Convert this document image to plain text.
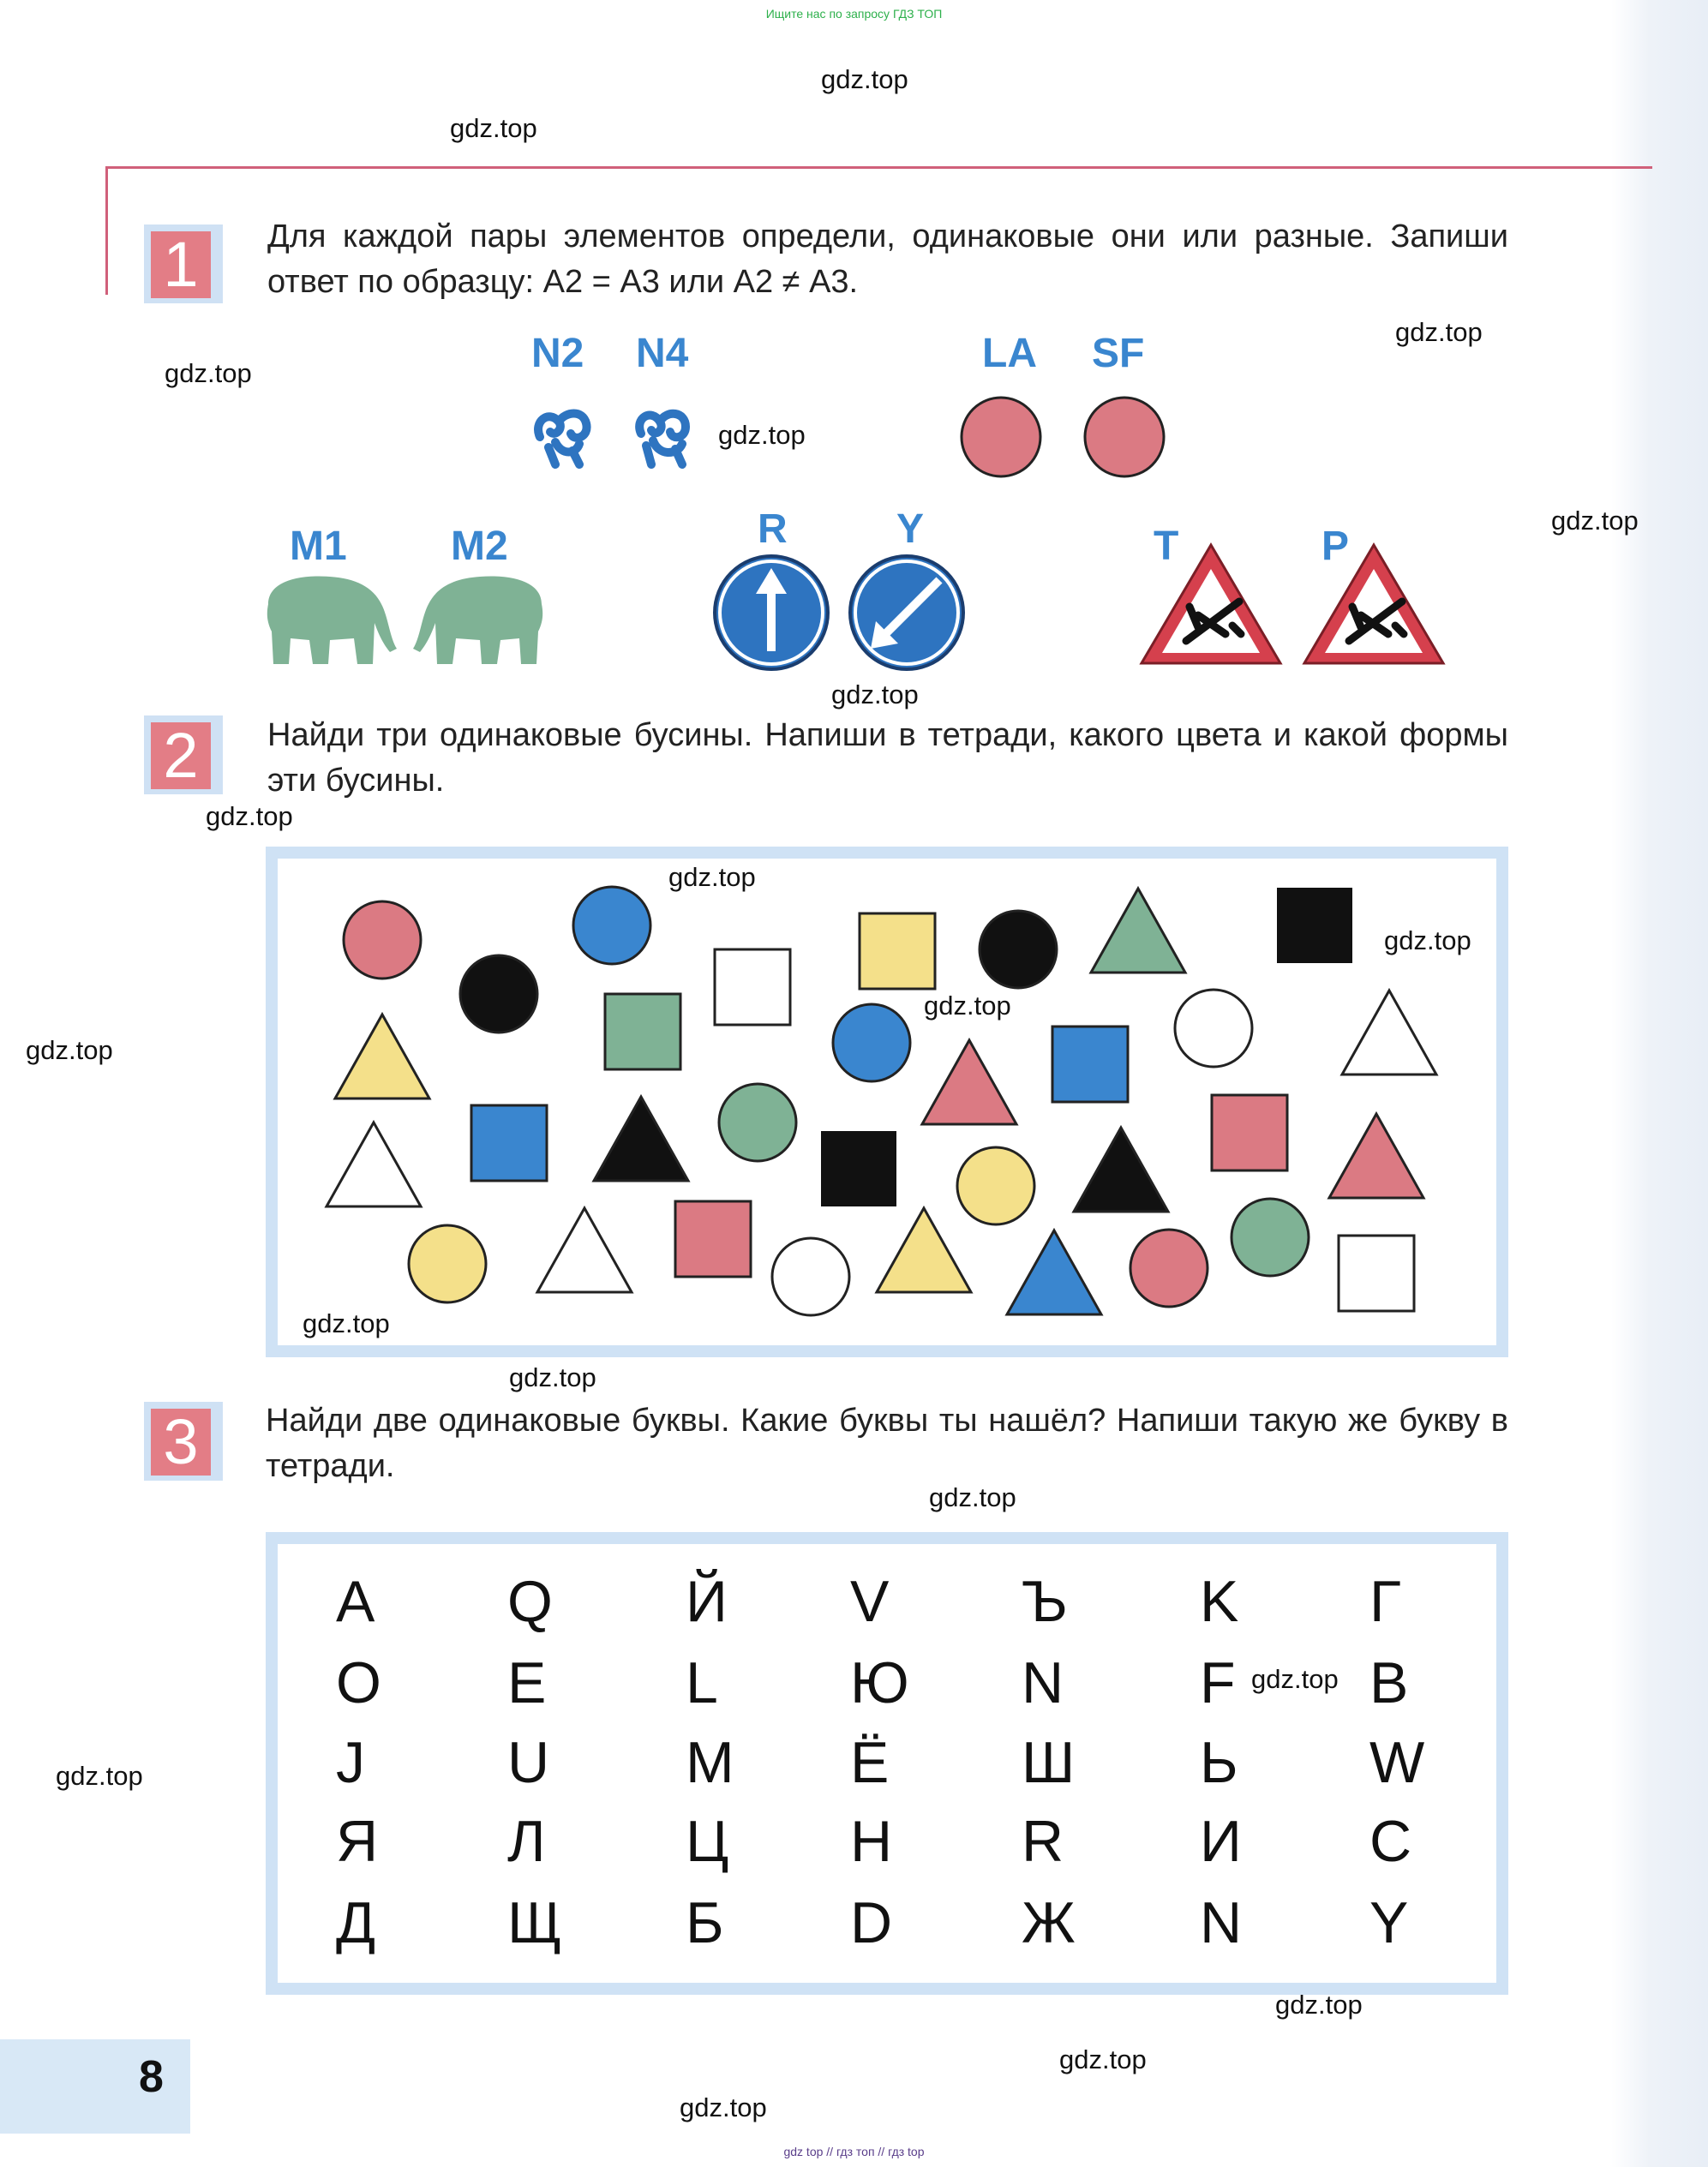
Ищите нас по запросу ГДЗ ТОП
1	Для каждой пары элементов определи, одинаковые они или разные. Запиши ответ по образцу: А2 = А3 или А2 ≠ А3.
N2 N4	LA SF
M1	M2	R	Y	T	P
2	Найди три одинаковые бусины. Напиши в тетради, какого цвета и какой формы эти бусины.
3	Найди две одинаковые буквы. Какие буквы ты нашёл? Напиши такую же букву в тетради.
А Q Й V Ъ K Г
О Е L Ю N F B
J U M Ё Ш Ь W
Я Л Ц Н R И С
Д Щ Б D Ж N Y
8
gdz.top
gdz.top
gdz.top
gdz.top
gdz.top
gdz.top
gdz.top
gdz.top
gdz.top
gdz.top
gdz.top
gdz.top
gdz.top
gdz.top
gdz.top
gdz.top
gdz.top
gdz.top
gdz.top
gdz.top
gdz top // гдз топ // гдз top
